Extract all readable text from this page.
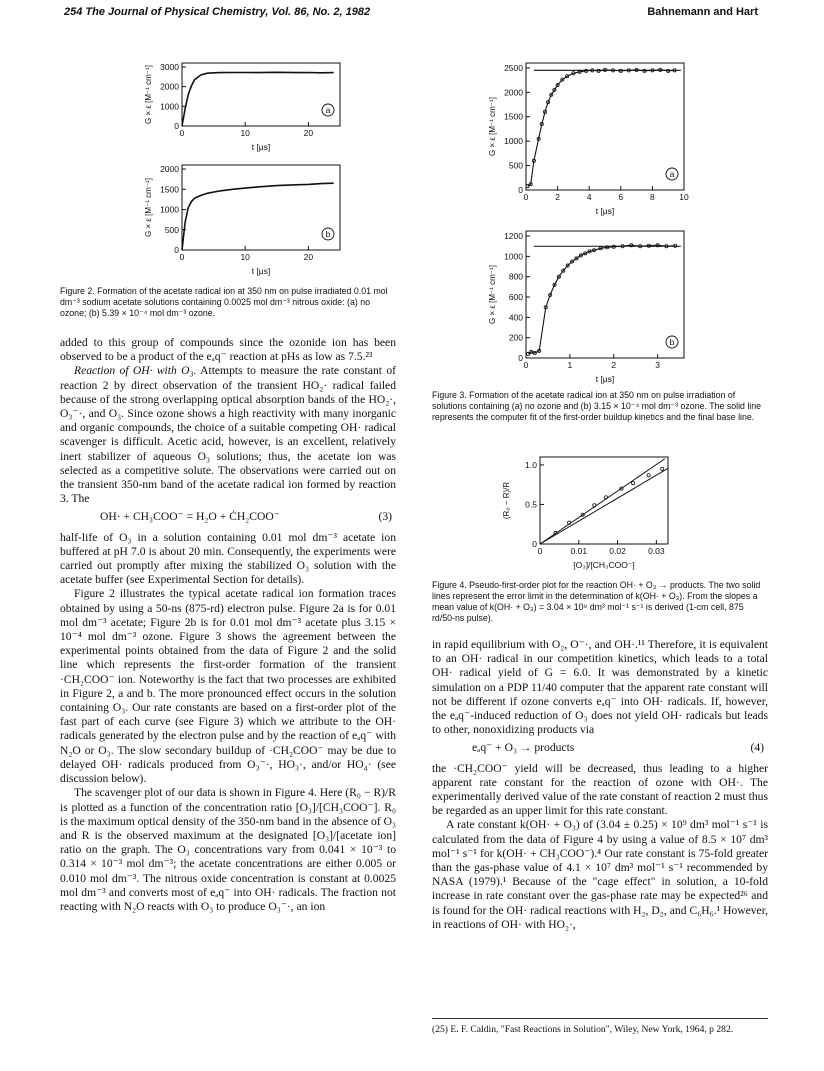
254 The Journal of Physical Chemistry, Vol. 86, No. 2, 1982	Bahnemann and Hart
0	10	20
0
1000
2000
3000
t [μs]
G × ε [M⁻¹ cm⁻¹]	a
0	10	20
0
500
1000
1500
2000
t [μs]
G × ε [M⁻¹ cm⁻¹]	b
Figure 2. Formation of the acetate radical ion at 350 nm on pulse irradiated 0.01 mol dm⁻³ sodium acetate solutions containing 0.0025 mol dm⁻³ nitrous oxide: (a) no ozone; (b) 5.39 × 10⁻⁴ mol dm⁻³ ozone.
0	2	4	6	8	10
0
500
1000
1500
2000
2500
t [μs]
G × ε [M⁻¹ cm⁻¹]
a
0	1	2	3
0
200
400
600
800
1000
1200
t [μs]
G × ε [M⁻¹ cm⁻¹]
b
Figure 3. Formation of the acetate radical ion at 350 nm on pulse irradiation of solutions containing (a) no ozone and (b) 3.15 × 10⁻⁴ mol dm⁻³ ozone. The solid line represents the computer fit of the first-order buildup kinetics and the final base line.
0	0.01	0.02	0.03
0
0.5
1.0
[O₃]/[CH₃COO⁻]
(R₀ − R)/R
Figure 4. Pseudo-first-order plot for the reaction OH· + O₃ → products. The two solid lines represent the error limit in the determination of k(OH· + O₃). From the slopes a mean value of k(OH· + O₃) = 3.04 × 10⁹ dm³ mol⁻¹ s⁻¹ is derived (1-cm cell, 875 rd/50-ns pulse).

added to this group of compounds since the ozonide ion has been observed to be a product of the eₐq⁻ reaction at pHs as low as 7.5.²³

Reaction of OH· with O₃. Attempts to measure the rate constant of reaction 2 by direct observation of the transient HO₂· radical failed because of the strong overlapping optical absorption bands of the HO₂·, O₃⁻·, and O₃. Since ozone shows a high reactivity with many inorganic and organic compounds, the choice of a suitable competing OH· radical scavenger is difficult. Acetic acid, however, is an excellent, relatively inert stabilizer of aqueous O₃ solutions; thus, the acetate ion was selected as a competitive solute. The observations were carried out on the transient 350-nm band of the acetate radical ion formed by reaction 3. The

OH· + CH₃COO⁻ = H₂O + ĊH₂COO⁻	(3)

half-life of O₃ in a solution containing 0.01 mol dm⁻³ acetate ion buffered at pH 7.0 is about 20 min. Consequently, the experiments were carried out promptly after mixing the stabilized O₃ solution with the acetate buffer (see Experimental Section for details).

Figure 2 illustrates the typical acetate radical ion formation traces obtained by using a 50-ns (875-rd) electron pulse. Figure 2a is for 0.01 mol dm⁻³ acetate; Figure 2b is for 0.01 mol dm⁻³ acetate plus 3.15 × 10⁻⁴ mol dm⁻³ ozone. Figure 3 shows the agreement between the experimental points obtained from the data of Figure 2 and the solid line which represents the first-order formation of the transient ·CH₂COO⁻ ion. Noteworthy is the fact that two processes are exhibited in Figure 2, a and b. The more pronounced effect occurs in the solution containing O₃. Our rate constants are based on a first-order plot of the fast part of each curve (see Figure 3) which we attribute to the OH· radicals generated by the electron pulse and by the reaction of eₐq⁻ with N₂O or O₃. The slow secondary buildup of ·CH₂COO⁻ may be due to delayed OH· radicals produced from O₃⁻·, HO₃·, and/or HO₄· (see discussion below).

The scavenger plot of our data is shown in Figure 4. Here (R₀ − R)/R is plotted as a function of the concentration ratio [O₃]/[CH₃COO⁻]. R₀ is the maximum optical density of the 350-nm band in the absence of O₃ and R is the observed maximum at the designated [O₃]/[acetate ion] ratio on the graph. The O₃ concentrations vary from 0.041 × 10⁻³ to 0.314 × 10⁻³ mol dm⁻³; the acetate concentrations are either 0.005 or 0.010 mol dm⁻³. The nitrous oxide concentration is constant at 0.0025 mol dm⁻³ and converts most of eₐq⁻ into OH· radicals. The fraction not reacting with N₂O reacts with O₃ to produce O₃⁻·, an ion

in rapid equilibrium with O₂, O⁻·, and OH·.¹¹ Therefore, it is equivalent to an OH· radical in our competition kinetics, which leads to a total OH· radical yield of G = 6.0. It was demonstrated by a kinetic simulation on a PDP 11/40 computer that the apparent rate constant will not be different if ozone converts eₐq⁻ into OH· radicals. If, however, the eₐq⁻-induced reduction of O₃ does not yield OH· radicals but leads to other, nonoxidizing products via

eₐq⁻ + O₃ → products	(4)

the ·CH₂COO⁻ yield will be decreased, thus leading to a higher apparent rate constant for the reaction of ozone with OH·. The experimentally derived value of the rate constant of reaction 2 must thus be regarded as an upper limit for this rate constant.

A rate constant k(OH· + O₃) of (3.04 ± 0.25) × 10⁹ dm³ mol⁻¹ s⁻¹ is calculated from the data of Figure 4 by using a value of 8.5 × 10⁷ dm³ mol⁻¹ s⁻¹ for k(OH· + CH₃COO⁻).⁴ Our rate constant is 75-fold greater than the gas-phase value of 4.1 × 10⁷ dm³ mol⁻¹ s⁻¹ recommended by NASA (1979).¹ Because of the "cage effect" in solution, a 10-fold increase in rate constant over the gas-phase rate may be expected²⁶ and is found for the OH· radical reactions with H₂, D₂, and C₆H₆.¹ However, in reactions of OH· with HO₂·,

(25) E. F. Caldin, "Fast Reactions in Solution", Wiley, New York, 1964, p 282.
